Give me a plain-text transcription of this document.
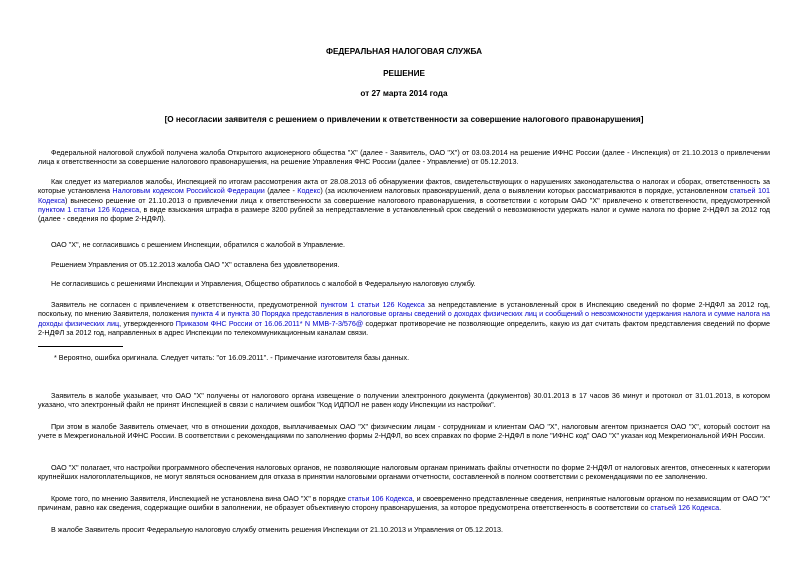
ФЕДЕРАЛЬНАЯ НАЛОГОВАЯ СЛУЖБА
РЕШЕНИЕ
от 27 марта 2014 года
[О несогласии заявителя с решением о привлечении к ответственности за совершение налогового правонарушения]

Федеральной налоговой службой получена жалоба Открытого акционерного общества "X" (далее - Заявитель, ОАО "X") от 03.03.2014 на решение ИФНС России (далее - Инспекция) от 21.10.2013 о привлечении лица к ответственности за совершение налогового правонарушения, на решение Управления ФНС России (далее - Управление) от 05.12.2013.

Как следует из материалов жалобы, Инспекцией по итогам рассмотрения акта от 28.08.2013 об обнаружении фактов, свидетельствующих о нарушениях законодательства о налогах и сборах, ответственность за которые установлена Налоговым кодексом Российской Федерации (далее - Кодекс) (за исключением налоговых правонарушений, дела о выявлении которых рассматриваются в порядке, установленном статьей 101 Кодекса) вынесено решение от 21.10.2013 о привлечении лица к ответственности за совершение налогового правонарушения, в соответствии с которым ОАО "X" привлечено к ответственности, предусмотренной пунктом 1 статьи 126 Кодекса, в виде взыскания штрафа в размере 3200 рублей за непредставление в установленный срок сведений о невозможности удержать налог и сумме налога по форме 2-НДФЛ за 2012 год (далее - сведения по форме 2-НДФЛ).

ОАО "X", не согласившись с решением Инспекции, обратился с жалобой в Управление.

Решением Управления от 05.12.2013 жалоба ОАО "X" оставлена без удовлетворения.

Не согласившись с решениями Инспекции и Управления, Общество обратилось с жалобой в Федеральную налоговую службу.

Заявитель не согласен с привлечением к ответственности, предусмотренной пунктом 1 статьи 126 Кодекса за непредставление в установленный срок в Инспекцию сведений по форме 2-НДФЛ за 2012 год, поскольку, по мнению Заявителя, положения пункта 4 и пункта 30 Порядка представления в налоговые органы сведений о доходах физических лиц и сообщений о невозможности удержания налога и сумме налога на доходы физических лиц, утвержденного Приказом ФНС России от 16.06.2011* N ММВ-7-3/576@ содержат противоречие не позволяющие определить, какую из дат считать фактом представления сведений по форме 2-НДФЛ за 2012 год, направленных в адрес Инспекции по телекоммуникационным каналам связи.

* Вероятно, ошибка оригинала. Следует читать: "от 16.09.2011". - Примечание изготовителя базы данных.

Заявитель в жалобе указывает, что ОАО "X" получены от налогового органа извещение о получении электронного документа (документов) 30.01.2013 в 17 часов 36 минут и протокол от 31.01.2013, в котором указано, что электронный файл не принят Инспекцией в связи с наличием ошибок "Код ИДПОЛ не равен коду Инспекции из настройки".

При этом в жалобе Заявитель отмечает, что в отношении доходов, выплачиваемых ОАО "X" физическим лицам - сотрудникам и клиентам ОАО "X", налоговым агентом признается ОАО "X", который состоит на учете в Межрегиональной ИФНС России. В соответствии с рекомендациями по заполнению формы 2-НДФЛ, во всех справках по форме 2-НДФЛ в поле "ИФНС код" ОАО "X" указан код Межрегиональной ИФН России.

ОАО "X" полагает, что настройки программного обеспечения налоговых органов, не позволяющие налоговым органам принимать файлы отчетности по форме 2-НДФЛ от налоговых агентов, отнесенных к категории крупнейших налогоплательщиков, не могут являться основанием для отказа в принятии налоговыми органами отчетности, составленной в полном соответствии с рекомендациями по ее заполнению.

Кроме того, по мнению Заявителя, Инспекцией не установлена вина ОАО "X" в порядке статьи 106 Кодекса, и своевременно представленные сведения, непринятые налоговым органом по независящим от ОАО "X" причинам, равно как сведения, содержащие ошибки в заполнении, не образует объективную сторону правонарушения, за которое предусмотрена ответственность в соответствии со статьей 126 Кодекса.

В жалобе Заявитель просит Федеральную налоговую службу отменить решения Инспекции от 21.10.2013 и Управления от 05.12.2013.
